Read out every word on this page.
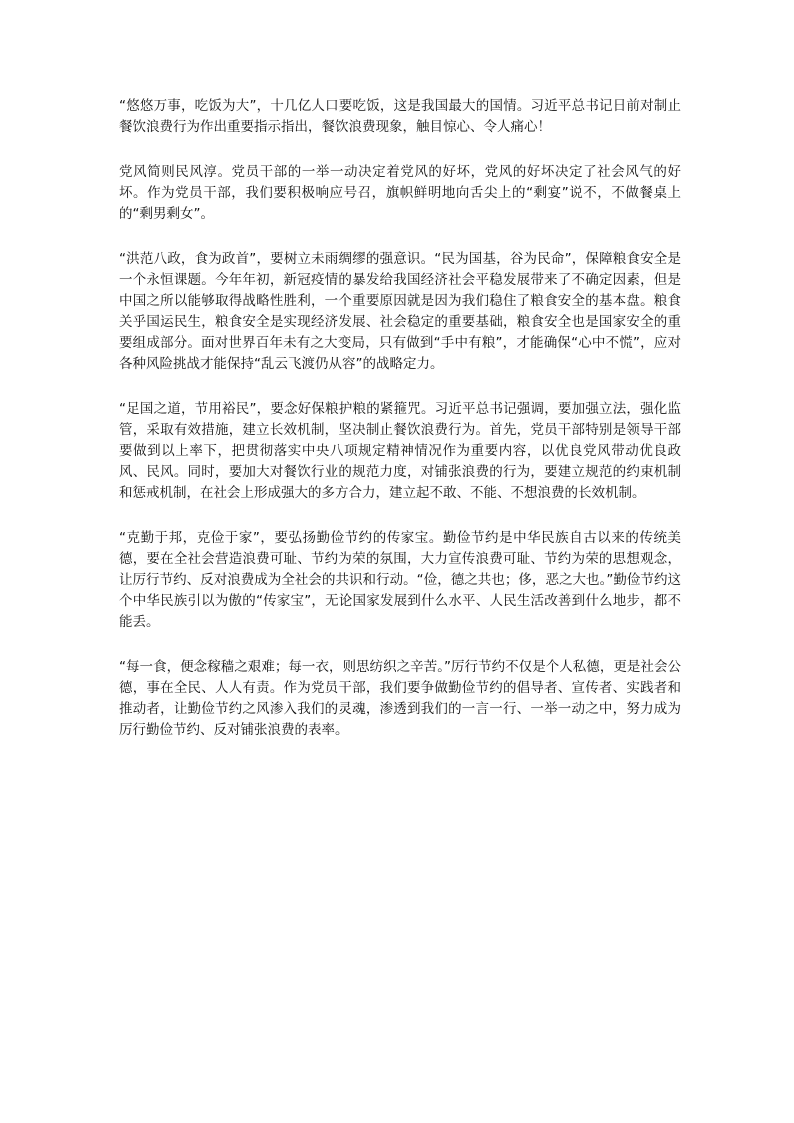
“悠悠万事，吃饭为大”，十几亿人口要吃饭，这是我国最大的国情。习近平总书记日前对制止餐饮浪费行为作出重要指示指出，餐饮浪费现象，触目惊心、令人痛心！

党风简则民风淳。党员干部的一举一动决定着党风的好坏，党风的好坏决定了社会风气的好坏。作为党员干部，我们要积极响应号召，旗帜鲜明地向舌尖上的“剩宴”说不，不做餐桌上的“剩男剩女”。

“洪范八政，食为政首”，要树立未雨绸缪的强意识。“民为国基，谷为民命”，保障粮食安全是一个永恒课题。今年年初，新冠疫情的暴发给我国经济社会平稳发展带来了不确定因素，但是中国之所以能够取得战略性胜利，一个重要原因就是因为我们稳住了粮食安全的基本盘。粮食关乎国运民生，粮食安全是实现经济发展、社会稳定的重要基础，粮食安全也是国家安全的重要组成部分。面对世界百年未有之大变局，只有做到“手中有粮”，才能确保“心中不慌”，应对各种风险挑战才能保持“乱云飞渡仍从容”的战略定力。

“足国之道，节用裕民”，要念好保粮护粮的紧箍咒。习近平总书记强调，要加强立法，强化监管，采取有效措施，建立长效机制，坚决制止餐饮浪费行为。首先，党员干部特别是领导干部要做到以上率下，把贯彻落实中央八项规定精神情况作为重要内容，以优良党风带动优良政风、民风。同时，要加大对餐饮行业的规范力度，对铺张浪费的行为，要建立规范的约束机制和惩戒机制，在社会上形成强大的多方合力，建立起不敢、不能、不想浪费的长效机制。

“克勤于邦，克俭于家”，要弘扬勤俭节约的传家宝。勤俭节约是中华民族自古以来的传统美德，要在全社会营造浪费可耻、节约为荣的氛围，大力宣传浪费可耻、节约为荣的思想观念，让厉行节约、反对浪费成为全社会的共识和行动。“俭，德之共也；侈，恶之大也。”勤俭节约这个中华民族引以为傲的“传家宝”，无论国家发展到什么水平、人民生活改善到什么地步，都不能丢。

“每一食，便念稼穑之艰难；每一衣，则思纺织之辛苦。”厉行节约不仅是个人私德，更是社会公德，事在全民、人人有责。作为党员干部，我们要争做勤俭节约的倡导者、宣传者、实践者和推动者，让勤俭节约之风渗入我们的灵魂，渗透到我们的一言一行、一举一动之中，努力成为厉行勤俭节约、反对铺张浪费的表率。
